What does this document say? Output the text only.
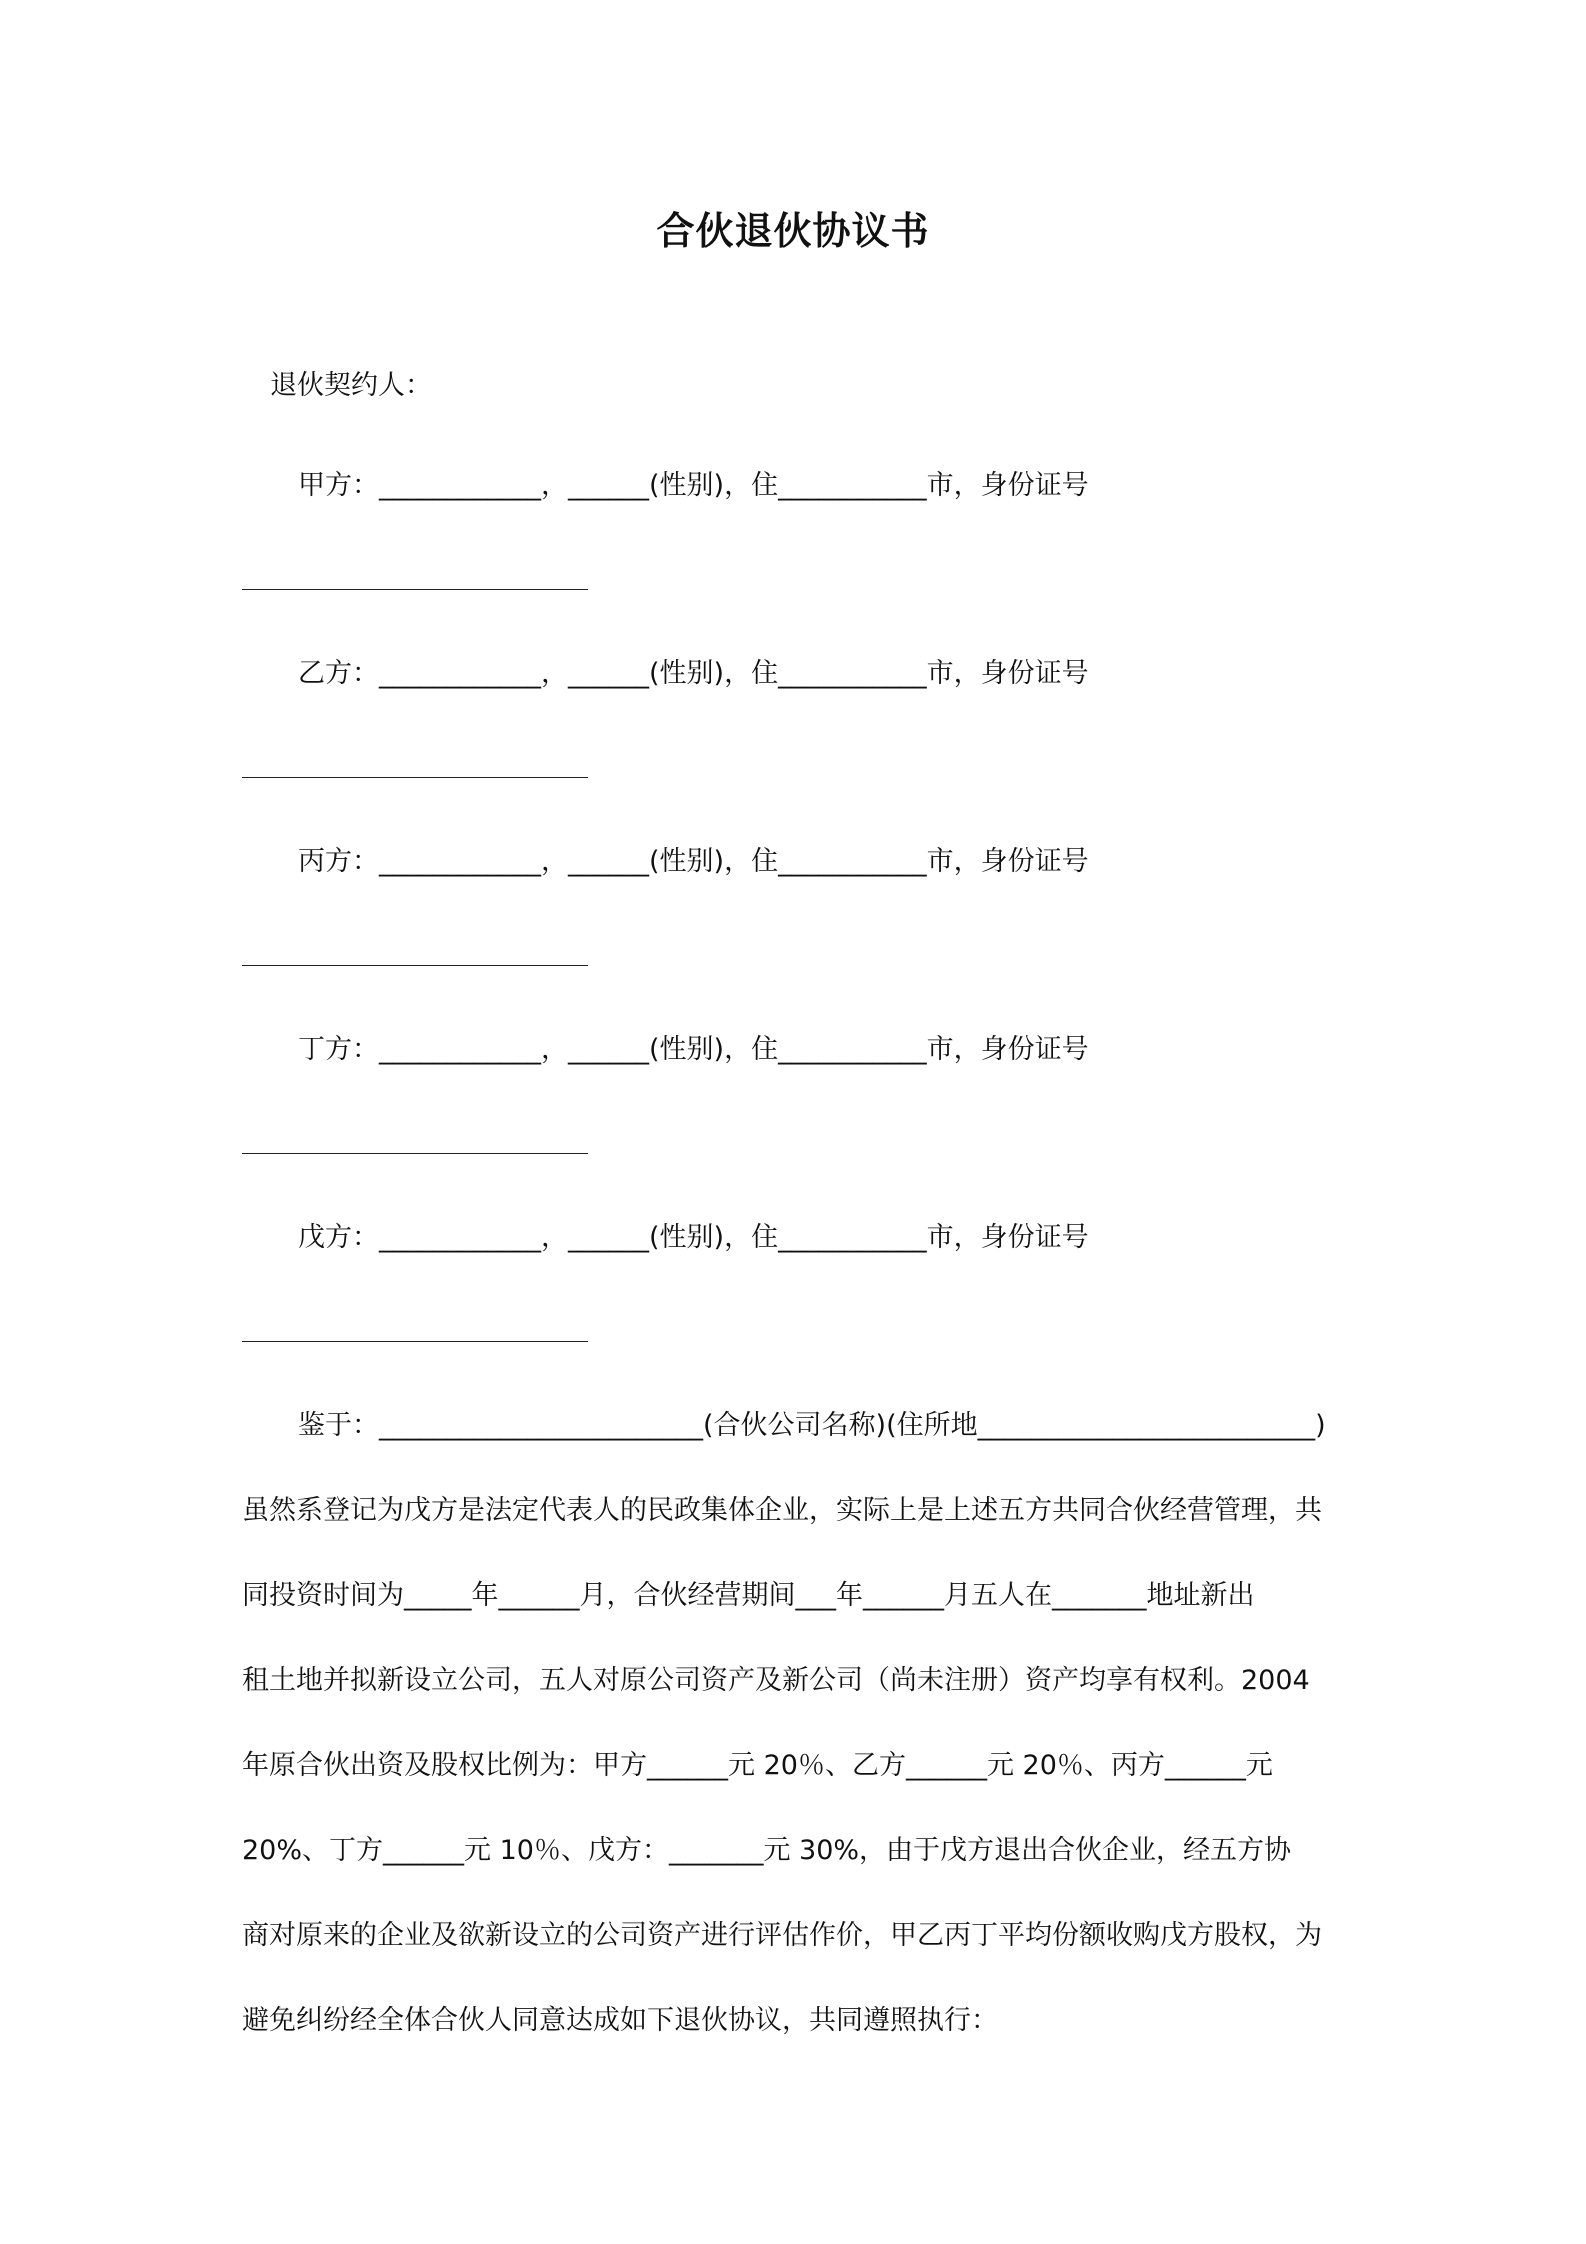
合伙退伙协议书
退伙契约人：
甲方：____________，______(性别)，住___________市，身份证号
乙方：____________，______(性别)，住___________市，身份证号
丙方：____________，______(性别)，住___________市，身份证号
丁方：____________，______(性别)，住___________市，身份证号
戊方：____________，______(性别)，住___________市，身份证号
鉴于：________________________(合伙公司名称)(住所地_________________________)
虽然系登记为戊方是法定代表人的民政集体企业，实际上是上述五方共同合伙经营管理，共
同投资时间为_____年______月，合伙经营期间___年______月五人在_______地址新出
租土地并拟新设立公司，五人对原公司资产及新公司（尚未注册）资产均享有权利。2004
年原合伙出资及股权比例为：甲方______元 20％、乙方______元 20％、丙方______元
20%、丁方______元 10％、戊方：_______元 30%，由于戊方退出合伙企业，经五方协
商对原来的企业及欲新设立的公司资产进行评估作价，甲乙丙丁平均份额收购戊方股权，为
避免纠纷经全体合伙人同意达成如下退伙协议，共同遵照执行：
